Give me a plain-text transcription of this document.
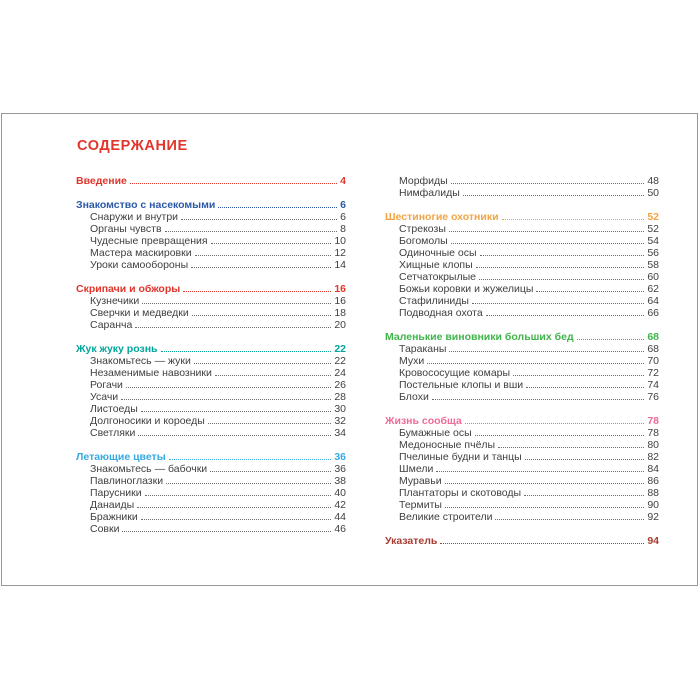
СОДЕРЖАНИЕ
Введение	4
Знакомство с насекомыми	6
Снаружи и внутри	6
Органы чувств	8
Чудесные превращения	10
Мастера маскировки	12
Уроки самообороны	14
Скрипачи и обжоры	16
Кузнечики	16
Сверчки и медведки	18
Саранча	20
Жук жуку рознь	22
Знакомьтесь — жуки	22
Незаменимые навозники	24
Рогачи	26
Усачи	28
Листоеды	30
Долгоносики и короеды	32
Светляки	34
Летающие цветы	36
Знакомьтесь — бабочки	36
Павлиноглазки	38
Парусники	40
Данаиды	42
Бражники	44
Совки	46
Морфиды	48
Нимфалиды	50
Шестиногие охотники	52
Стрекозы	52
Богомолы	54
Одиночные осы	56
Хищные клопы	58
Сетчатокрылые	60
Божьи коровки и жужелицы	62
Стафилиниды	64
Подводная охота	66
Маленькие виновники больших бед	68
Тараканы	68
Мухи	70
Кровососущие комары	72
Постельные клопы и вши	74
Блохи	76
Жизнь сообща	78
Бумажные осы	78
Медоносные пчёлы	80
Пчелиные будни и танцы	82
Шмели	84
Муравьи	86
Плантаторы и скотоводы	88
Термиты	90
Великие строители	92
Указатель	94
